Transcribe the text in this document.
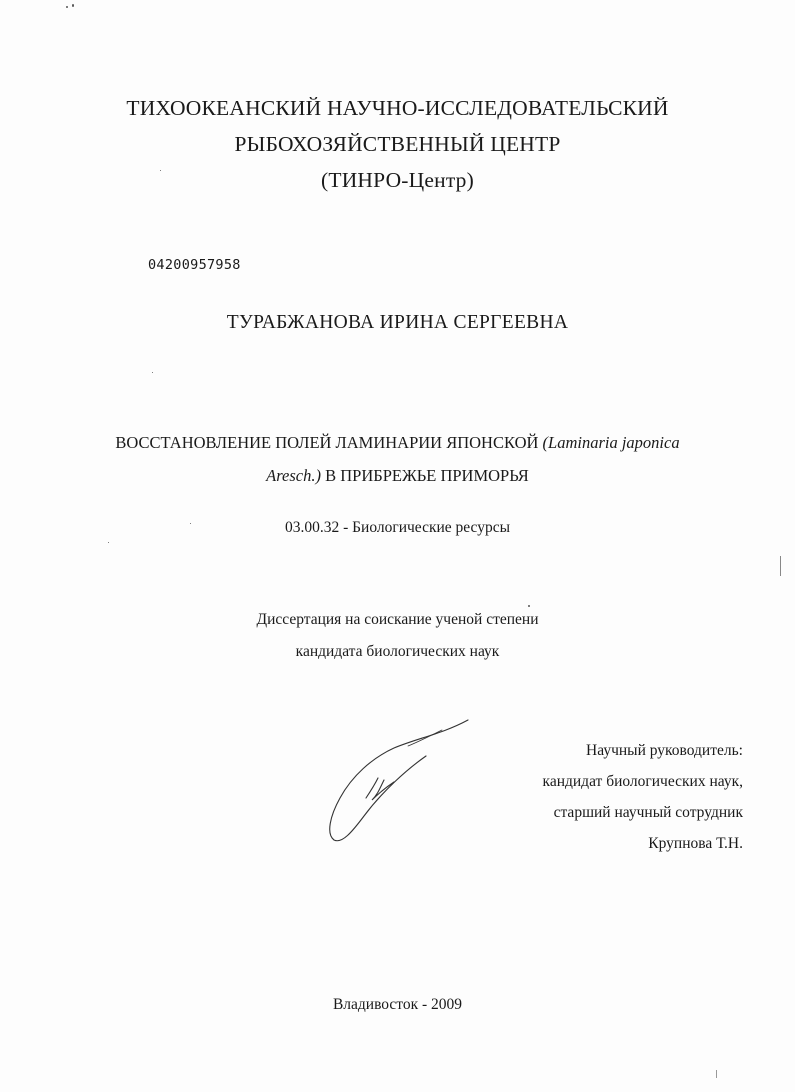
ТИХООКЕАНСКИЙ НАУЧНО-ИССЛЕДОВАТЕЛЬСКИЙ
РЫБОХОЗЯЙСТВЕННЫЙ ЦЕНТР
(ТИНРО-Центр)
04200957958
ТУРАБЖАНОВА ИРИНА СЕРГЕЕВНА
ВОССТАНОВЛЕНИЕ ПОЛЕЙ ЛАМИНАРИИ ЯПОНСКОЙ (Laminaria japonica
Aresch.) В ПРИБРЕЖЬЕ ПРИМОРЬЯ
03.00.32 - Биологические ресурсы
Диссертация на соискание ученой степени
кандидата биологических наук
Научный руководитель:
кандидат биологических наук,
старший научный сотрудник
Крупнова Т.Н.
Владивосток - 2009
